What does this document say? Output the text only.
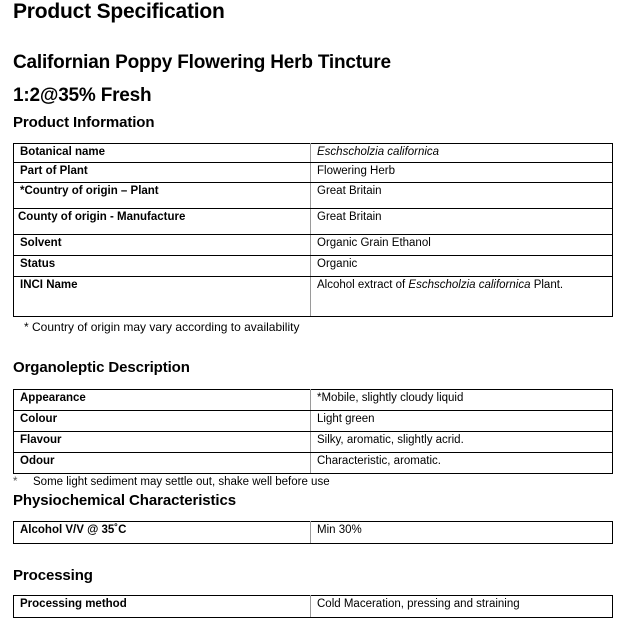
Product Specification
Californian Poppy Flowering Herb Tincture
1:2@35% Fresh
Product Information
Botanical name	Eschscholzia californica
Part of Plant	Flowering Herb
*Country of origin – Plant	Great Britain
County of origin - Manufacture	Great Britain
Solvent	Organic Grain Ethanol
Status	Organic
INCI Name	Alcohol extract of Eschscholzia californica Plant.
* Country of origin may vary according to availability
Organoleptic Description
Appearance	*Mobile, slightly cloudy liquid
Colour	Light green
Flavour	Silky, aromatic, slightly acrid.
Odour	Characteristic, aromatic.
* Some light sediment may settle out, shake well before use
Physiochemical Characteristics
Alcohol V/V @ 35˚C	Min 30%
Processing
Processing method	Cold Maceration, pressing and straining
